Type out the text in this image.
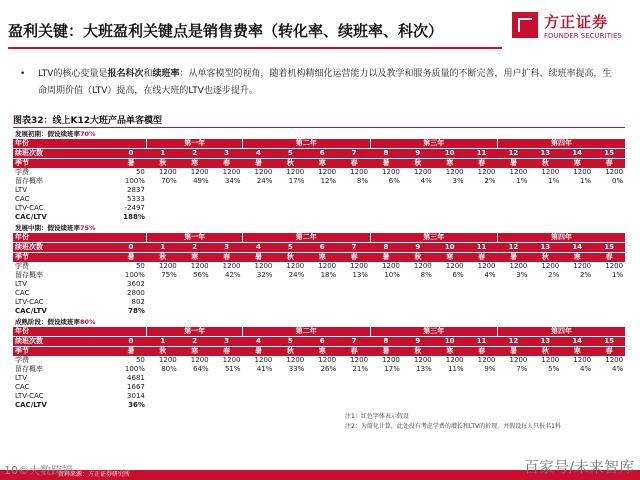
盈利关键：大班盈利关键点是销售费率（转化率、续班率、科次）	方正证券
FOUNDER SECURITIES
•	LTV的核心变量是报名科次和续班率：从单客模型的视角，随着机构精细化运营能力以及教学和服务质量的不断完善，用户扩科、续班率提高，生命周期价值（LTV）提高，在线大班的LTV也逐步提升。
图表32：线上K12大班产品单客模型
发展初期：假设续班率70%																
年份		第一年			第二年				第三年				第四年			
续班次数	0	1	2	3	4	5	6	7	8	9	10	11	12	13	14	15
季节	暑	秋	寒	春	暑	秋	寒	春	暑	秋	寒	春	暑	秋	寒	春
学费	50	1200	1200	1200	1200	1200	1200	1200	1200	1200	1200	1200	1200	1200	1200	1200
留存概率	100%	70%	49%	34%	24%	17%	12%	8%	6%	4%	3%	2%	1%	1%	1%	0%
LTV	2837															
CAC	5333															
LTV-CAC	-2497															
CAC/LTV	188%															
发展中期：假设续班率75%																
年份		第一年			第二年				第三年				第四年			
续班次数	0	1	2	3	4	5	6	7	8	9	10	11	12	13	14	15
季节	暑	秋	寒	春	暑	秋	寒	春	暑	秋	寒	春	暑	秋	寒	春
学费	50	1200	1200	1200	1200	1200	1200	1200	1200	1200	1200	1200	1200	1200	1200	1200
留存概率	100%	75%	56%	42%	32%	24%	18%	13%	10%	8%	6%	4%	3%	2%	2%	1%
LTV	3602															
CAC	2800															
LTV-CAC	802															
CAC/LTV	78%															
成熟阶段：假设续班率80%																
年份		第一年			第二年				第三年				第四年			
续班次数	0	1	2	3	4	5	6	7	8	9	10	11	12	13	14	15
季节	暑	秋	寒	春	暑	秋	寒	春	暑	秋	寒	春	暑	秋	寒	春
学费	50	1200	1200	1200	1200	1200	1200	1200	1200	1200	1200	1200	1200	1200	1200	1200
留存概率	100%	80%	64%	51%	41%	33%	26%	21%	17%	13%	11%	9%	7%	5%	4%	4%
LTV	4681															
CAC	1667															
LTV-CAC	3014															
CAC/LTV	36%															
注1：红色字体表示假设
注2：为简化计算，此处没有考虑学费的增长和LTV的折现，并假设每人只报名1科
资料来源：方正证券研究所
10©大数跨境	百家号/未来智库
